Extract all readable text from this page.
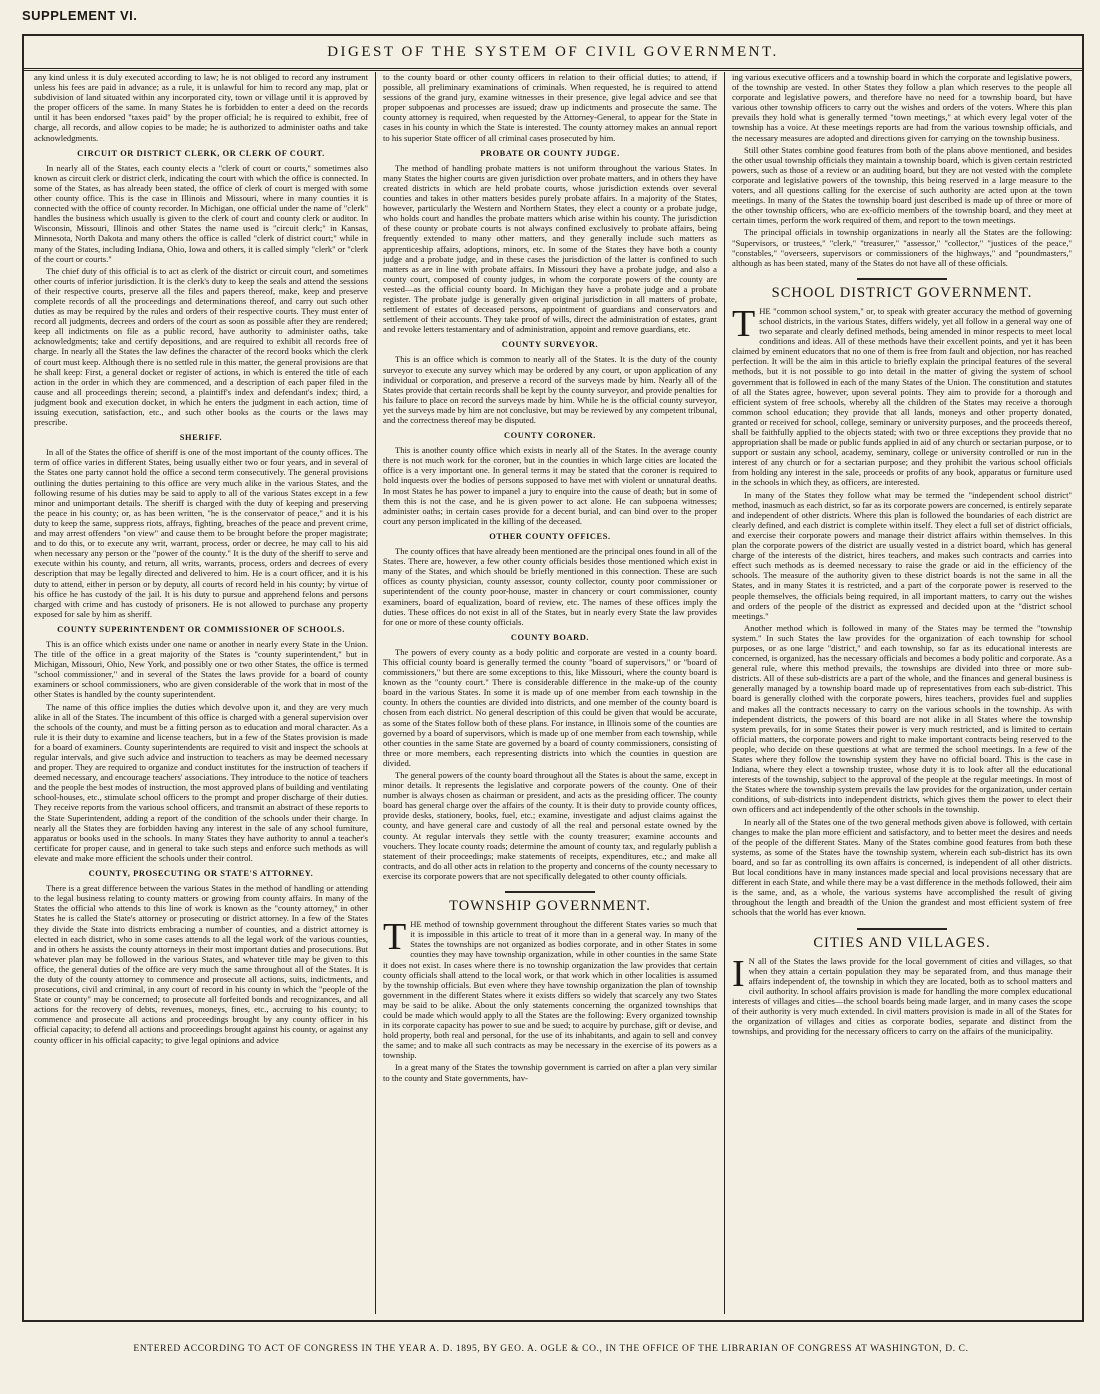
SUPPLEMENT VI.
DIGEST OF THE SYSTEM OF CIVIL GOVERNMENT.

any kind unless it is duly executed according to law; he is not obliged to record any instrument unless his fees are paid in advance; as a rule, it is unlawful for him to record any map, plat or subdivision of land situated within any incorporated city, town or village until it is approved by the proper officers of the same. In many States he is forbidden to enter a deed on the records until it has been endorsed "taxes paid" by the proper official; he is required to exhibit, free of charge, all records, and allow copies to be made; he is authorized to administer oaths and take acknowledgments.

CIRCUIT OR DISTRICT CLERK, OR CLERK OF COURT.

In nearly all of the States, each county elects a "clerk of court or courts," sometimes also known as circuit clerk or district clerk, indicating the court with which the office is connected. In some of the States, as has already been stated, the office of clerk of court is merged with some other county office. This is the case in Illinois and Missouri, where in many counties it is connected with the office of county recorder. In Michigan, one official under the name of "clerk" handles the business which usually is given to the clerk of court and county clerk or auditor. In Wisconsin, Missouri, Illinois and other States the name used is "circuit clerk;" in Kansas, Minnesota, North Dakota and many others the office is called "clerk of district court;" while in many of the States, including Indiana, Ohio, Iowa and others, it is called simply "clerk" or "clerk of the court or courts."

The chief duty of this official is to act as clerk of the district or circuit court, and sometimes other courts of inferior jurisdiction. It is the clerk's duty to keep the seals and attend the sessions of their respective courts, preserve all the files and papers thereof, make, keep and preserve complete records of all the proceedings and determinations thereof, and carry out such other duties as may be required by the rules and orders of their respective courts. They must enter of record all judgments, decrees and orders of the court as soon as possible after they are rendered; keep all indictments on file as a public record, have authority to administer oaths, take acknowledgments; take and certify depositions, and are required to exhibit all records free of charge. In nearly all the States the law defines the character of the record books which the clerk of court must keep. Although there is no settled rule in this matter, the general provisions are that he shall keep: First, a general docket or register of actions, in which is entered the title of each action in the order in which they are commenced, and a description of each paper filed in the cause and all proceedings therein; second, a plaintiff's index and defendant's index; third, a judgment book and execution docket, in which he enters the judgment in each action, time of issuing execution, satisfaction, etc., and such other books as the courts or the laws may prescribe.

SHERIFF.

In all of the States the office of sheriff is one of the most important of the county offices. The term of office varies in different States, being usually either two or four years, and in several of the States one party cannot hold the office a second term consecutively. The general provisions outlining the duties pertaining to this office are very much alike in the various States, and the following resume of his duties may be said to apply to all of the various States except in a few minor and unimportant details. The sheriff is charged with the duty of keeping and preserving the peace in his county; or, as has been written, "he is the conservator of peace," and it is his duty to keep the same, suppress riots, affrays, fighting, breaches of the peace and prevent crime, and may arrest offenders "on view" and cause them to be brought before the proper magistrate; and to do this, or to execute any writ, warrant, process, order or decree, he may call to his aid when necessary any person or the "power of the county." It is the duty of the sheriff to serve and execute within his county, and return, all writs, warrants, process, orders and decrees of every description that may be legally directed and delivered to him. He is a court officer, and it is his duty to attend, either in person or by deputy, all courts of record held in his county; by virtue of his office he has custody of the jail. It is his duty to pursue and apprehend felons and persons charged with crime and has custody of prisoners. He is not allowed to purchase any property exposed for sale by him as sheriff.

COUNTY SUPERINTENDENT OR COMMISSIONER OF SCHOOLS.

This is an office which exists under one name or another in nearly every State in the Union. The title of the office in a great majority of the States is "county superintendent," but in Michigan, Missouri, Ohio, New York, and possibly one or two other States, the office is termed "school commissioner," and in several of the States the laws provide for a board of county examiners or school commissioners, who are given considerable of the work that in most of the other States is handled by the county superintendent.

The name of this office implies the duties which devolve upon it, and they are very much alike in all of the States. The incumbent of this office is charged with a general supervision over the schools of the county, and must be a fitting person as to education and moral character. As a rule it is their duty to examine and license teachers, but in a few of the States provision is made for a board of examiners. County superintendents are required to visit and inspect the schools at regular intervals, and give such advice and instruction to teachers as may be deemed necessary and proper. They are required to organize and conduct institutes for the instruction of teachers if deemed necessary, and encourage teachers' associations. They introduce to the notice of teachers and the people the best modes of instruction, the most approved plans of building and ventilating school-houses, etc., stimulate school officers to the prompt and proper discharge of their duties. They receive reports from the various school officers, and transmit an abstract of these reports to the State Superintendent, adding a report of the condition of the schools under their charge. In nearly all the States they are forbidden having any interest in the sale of any school furniture, apparatus or books used in the schools. In many States they have authority to annul a teacher's certificate for proper cause, and in general to take such steps and enforce such methods as will elevate and make more efficient the schools under their control.

COUNTY, PROSECUTING OR STATE'S ATTORNEY.

There is a great difference between the various States in the method of handling or attending to the legal business relating to county matters or growing from county affairs. In many of the States the official who attends to this line of work is known as the "county attorney," in other States he is called the State's attorney or prosecuting or district attorney. In a few of the States they divide the State into districts embracing a number of counties, and a district attorney is elected in each district, who in some cases attends to all the legal work of the various counties, and in others he assists the county attorneys in their most important duties and prosecutions. But whatever plan may be followed in the various States, and whatever title may be given to this office, the general duties of the office are very much the same throughout all of the States. It is the duty of the county attorney to commence and prosecute all actions, suits, indictments, and prosecutions, civil and criminal, in any court of record in his county in which the "people of the State or county" may be concerned; to prosecute all forfeited bonds and recognizances, and all actions for the recovery of debts, revenues, moneys, fines, etc., accruing to his county; to commence and prosecute all actions and proceedings brought by any county officer in his official capacity; to defend all actions and proceedings brought against his county, or against any county officer in his official capacity; to give legal opinions and advice

to the county board or other county officers in relation to their official duties; to attend, if possible, all preliminary examinations of criminals. When requested, he is required to attend sessions of the grand jury, examine witnesses in their presence, give legal advice and see that proper subpoenas and processes are issued; draw up indictments and prosecute the same. The county attorney is required, when requested by the Attorney-General, to appear for the State in cases in his county in which the State is interested. The county attorney makes an annual report to his superior State officer of all criminal cases prosecuted by him.

PROBATE OR COUNTY JUDGE.

The method of handling probate matters is not uniform throughout the various States. In many States the higher courts are given jurisdiction over probate matters, and in others they have created districts in which are held probate courts, whose jurisdiction extends over several counties and takes in other matters besides purely probate affairs. In a majority of the States, however, particularly the Western and Northern States, they elect a county or a probate judge, who holds court and handles the probate matters which arise within his county. The jurisdiction of these county or probate courts is not always confined exclusively to probate affairs, being frequently extended to many other matters, and they generally include such matters as apprenticeship affairs, adoptions, minors, etc. In some of the States they have both a county judge and a probate judge, and in these cases the jurisdiction of the latter is confined to such matters as are in line with probate affairs. In Missouri they have a probate judge, and also a county court, composed of county judges, in whom the corporate powers of the county are vested—as the official county board. In Michigan they have a probate judge and a probate register. The probate judge is generally given original jurisdiction in all matters of probate, settlement of estates of deceased persons, appointment of guardians and conservators and settlement of their accounts. They take proof of wills, direct the administration of estates, grant and revoke letters testamentary and of administration, appoint and remove guardians, etc.

COUNTY SURVEYOR.

This is an office which is common to nearly all of the States. It is the duty of the county surveyor to execute any survey which may be ordered by any court, or upon application of any individual or corporation, and preserve a record of the surveys made by him. Nearly all of the States provide that certain records shall be kept by the county surveyor, and provide penalties for his failure to place on record the surveys made by him. While he is the official county surveyor, yet the surveys made by him are not conclusive, but may be reviewed by any competent tribunal, and the correctness thereof may be disputed.

COUNTY CORONER.

This is another county office which exists in nearly all of the States. In the average county there is not much work for the coroner, but in the counties in which large cities are located the office is a very important one. In general terms it may be stated that the coroner is required to hold inquests over the bodies of persons supposed to have met with violent or unnatural deaths. In most States he has power to impanel a jury to enquire into the cause of death; but in some of them this is not the case, and he is given power to act alone. He can subpoena witnesses; administer oaths; in certain cases provide for a decent burial, and can bind over to the proper court any person implicated in the killing of the deceased.

OTHER COUNTY OFFICES.

The county offices that have already been mentioned are the principal ones found in all of the States. There are, however, a few other county officials besides those mentioned which exist in many of the States, and which should be briefly mentioned in this connection. These are such offices as county physician, county assessor, county collector, county poor commissioner or superintendent of the county poor-house, master in chancery or court commissioner, county examiners, board of equalization, board of review, etc. The names of these offices imply the duties. These offices do not exist in all of the States, but in nearly every State the law provides for one or more of these county officials.

COUNTY BOARD.

The powers of every county as a body politic and corporate are vested in a county board. This official county board is generally termed the county "board of supervisors," or "board of commissioners," but there are some exceptions to this, like Missouri, where the county board is known as the "county court." There is considerable difference in the make-up of the county board in the various States. In some it is made up of one member from each township in the county. In others the counties are divided into districts, and one member of the county board is chosen from each district. No general description of this could be given that would be accurate, as some of the States follow both of these plans. For instance, in Illinois some of the counties are governed by a board of supervisors, which is made up of one member from each township, while other counties in the same State are governed by a board of county commissioners, consisting of three or more members, each representing districts into which the counties in question are divided.

The general powers of the county board throughout all the States is about the same, except in minor details. It represents the legislative and corporate powers of the county. One of their number is always chosen as chairman or president, and acts as the presiding officer. The county board has general charge over the affairs of the county. It is their duty to provide county offices, provide desks, stationery, books, fuel, etc.; examine, investigate and adjust claims against the county, and have general care and custody of all the real and personal estate owned by the county. At regular intervals they settle with the county treasurer; examine accounts and vouchers. They locate county roads; determine the amount of county tax, and regularly publish a statement of their proceedings; make statements of receipts, expenditures, etc.; and make all contracts, and do all other acts in relation to the property and concerns of the county necessary to exercise its corporate powers that are not specifically delegated to other county officials.

TOWNSHIP GOVERNMENT.

THE method of township government throughout the different States varies so much that it is impossible in this article to treat of it more than in a general way. In many of the States the townships are not organized as bodies corporate, and in other States in some counties they may have township organization, while in other counties in the same State it does not exist. In cases where there is no township organization the law provides that certain county officials shall attend to the local work, or that work which in other localities is assumed by the township officials. But even where they have township organization the plan of township government in the different States where it exists differs so widely that scarcely any two States may be said to be alike. About the only statements concerning the organized townships that could be made which would apply to all the States are the following: Every organized township in its corporate capacity has power to sue and be sued; to acquire by purchase, gift or devise, and hold property, both real and personal, for the use of its inhabitants, and again to sell and convey the same; and to make all such contracts as may be necessary in the exercise of its powers as a township.

In a great many of the States the township government is carried on after a plan very similar to the county and State governments, hav-

ing various executive officers and a township board in which the corporate and legislative powers, of the township are vested. In other States they follow a plan which reserves to the people all corporate and legislative powers, and therefore have no need for a township board, but have various other township officers to carry out the wishes and orders of the voters. Where this plan prevails they hold what is generally termed "town meetings," at which every legal voter of the township has a voice. At these meetings reports are had from the various township officials, and the necessary measures are adopted and directions given for carrying on the township business.

Still other States combine good features from both of the plans above mentioned, and besides the other usual township officials they maintain a township board, which is given certain restricted powers, such as those of a review or an auditing board, but they are not vested with the complete corporate and legislative powers of the township, this being reserved in a large measure to the voters, and all questions calling for the exercise of such authority are acted upon at the town meetings. In many of the States the township board just described is made up of three or more of the other township officers, who are ex-officio members of the township board, and they meet at certain times, perform the work required of them, and report to the town meetings.

The principal officials in township organizations in nearly all the States are the following: "Supervisors, or trustees," "clerk," "treasurer," "assessor," "collector," "justices of the peace," "constables," "overseers, supervisors or commissioners of the highways," and "poundmasters," although as has been stated, many of the States do not have all of these officials.

SCHOOL DISTRICT GOVERNMENT.

THE "common school system," or, to speak with greater accuracy the method of governing school districts, in the various States, differs widely, yet all follow in a general way one of two separate and clearly defined methods, being amended in minor respects to meet local conditions and ideas. All of these methods have their excellent points, and yet it has been claimed by eminent educators that no one of them is free from fault and objection, nor has reached perfection. It will be the aim in this article to briefly explain the principal features of the several methods, but it is not possible to go into detail in the matter of giving the system of school government that is followed in each of the many States of the Union. The constitution and statutes of all the States agree, however, upon several points. They aim to provide for a thorough and efficient system of free schools, whereby all the children of the States may receive a thorough common school education; they provide that all lands, moneys and other property donated, granted or received for school, college, seminary or university purposes, and the proceeds thereof, shall be faithfully applied to the objects stated; with two or three exceptions they provide that no appropriation shall be made or public funds applied in aid of any church or sectarian purpose, or to support or sustain any school, academy, seminary, college or university controlled or run in the interest of any church or for a sectarian purpose; and they prohibit the various school officials from holding any interest in the sale, proceeds or profits of any book, apparatus or furniture used in the schools in which they, as officers, are interested.

In many of the States they follow what may be termed the "independent school district" method, inasmuch as each district, so far as its corporate powers are concerned, is entirely separate and independent of other districts. Where this plan is followed the boundaries of each district are clearly defined, and each district is complete within itself. They elect a full set of district officials, and exercise their corporate powers and manage their district affairs within themselves. In this plan the corporate powers of the district are usually vested in a district board, which has general charge of the interests of the district, hires teachers, and makes such contracts and carries into effect such methods as is deemed necessary to raise the grade or aid in the efficiency of the schools. The measure of the authority given to these district boards is not the same in all the States, and in many States it is restricted, and a part of the corporate power is reserved to the people themselves, the officials being required, in all important matters, to carry out the wishes and orders of the people of the district as expressed and decided upon at the "district school meetings."

Another method which is followed in many of the States may be termed the "township system." In such States the law provides for the organization of each township for school purposes, or as one large "district," and each township, so far as its educational interests are concerned, is organized, has the necessary officials and becomes a body politic and corporate. As a general rule, where this method prevails, the townships are divided into three or more sub-districts. All of these sub-districts are a part of the whole, and the finances and general business is generally managed by a township board made up of representatives from each sub-district. This board is generally clothed with the corporate powers, hires teachers, provides fuel and supplies and makes all the contracts necessary to carry on the various schools in the township. As with independent districts, the powers of this board are not alike in all States where the township system prevails, for in some States their power is very much restricted, and is limited to certain official matters, the corporate powers and right to make important contracts being reserved to the people, who decide on these questions at what are termed the school meetings. In a few of the States where they follow the township system they have no official board. This is the case in Indiana, where they elect a township trustee, whose duty it is to look after all the educational interests of the township, subject to the approval of the people at the regular meetings. In most of the States where the township system prevails the law provides for the organization, under certain conditions, of sub-districts into independent districts, which gives them the power to elect their own officers and act independently of the other schools in the township.

In nearly all of the States one of the two general methods given above is followed, with certain changes to make the plan more efficient and satisfactory, and to better meet the desires and needs of the people of the different States. Many of the States combine good features from both these systems, as some of the States have the township system, wherein each sub-district has its own board, and so far as controlling its own affairs is concerned, is independent of all other districts. But local conditions have in many instances made special and local provisions necessary that are different in each State, and while there may be a vast difference in the methods followed, their aim is the same, and, as a whole, the various systems have accomplished the result of giving throughout the length and breadth of the Union the grandest and most efficient system of free schools that the world has ever known.

CITIES AND VILLAGES.

I N all of the States the laws provide for the local government of cities and villages, so that when they attain a certain population they may be separated from, and thus manage their affairs independent of, the township in which they are located, both as to school matters and civil authority. In school affairs provision is made for handling the more complex educational interests of villages and cities—the school boards being made larger, and in many cases the scope of their authority is very much extended. In civil matters provision is made in all of the States for the organization of villages and cities as corporate bodies, separate and distinct from the townships, and providing for the necessary officers to carry on the affairs of the municipality.

ENTERED ACCORDING TO ACT OF CONGRESS IN THE YEAR A. D. 1895, BY GEO. A. OGLE & CO., IN THE OFFICE OF THE LIBRARIAN OF CONGRESS AT WASHINGTON, D. C.
